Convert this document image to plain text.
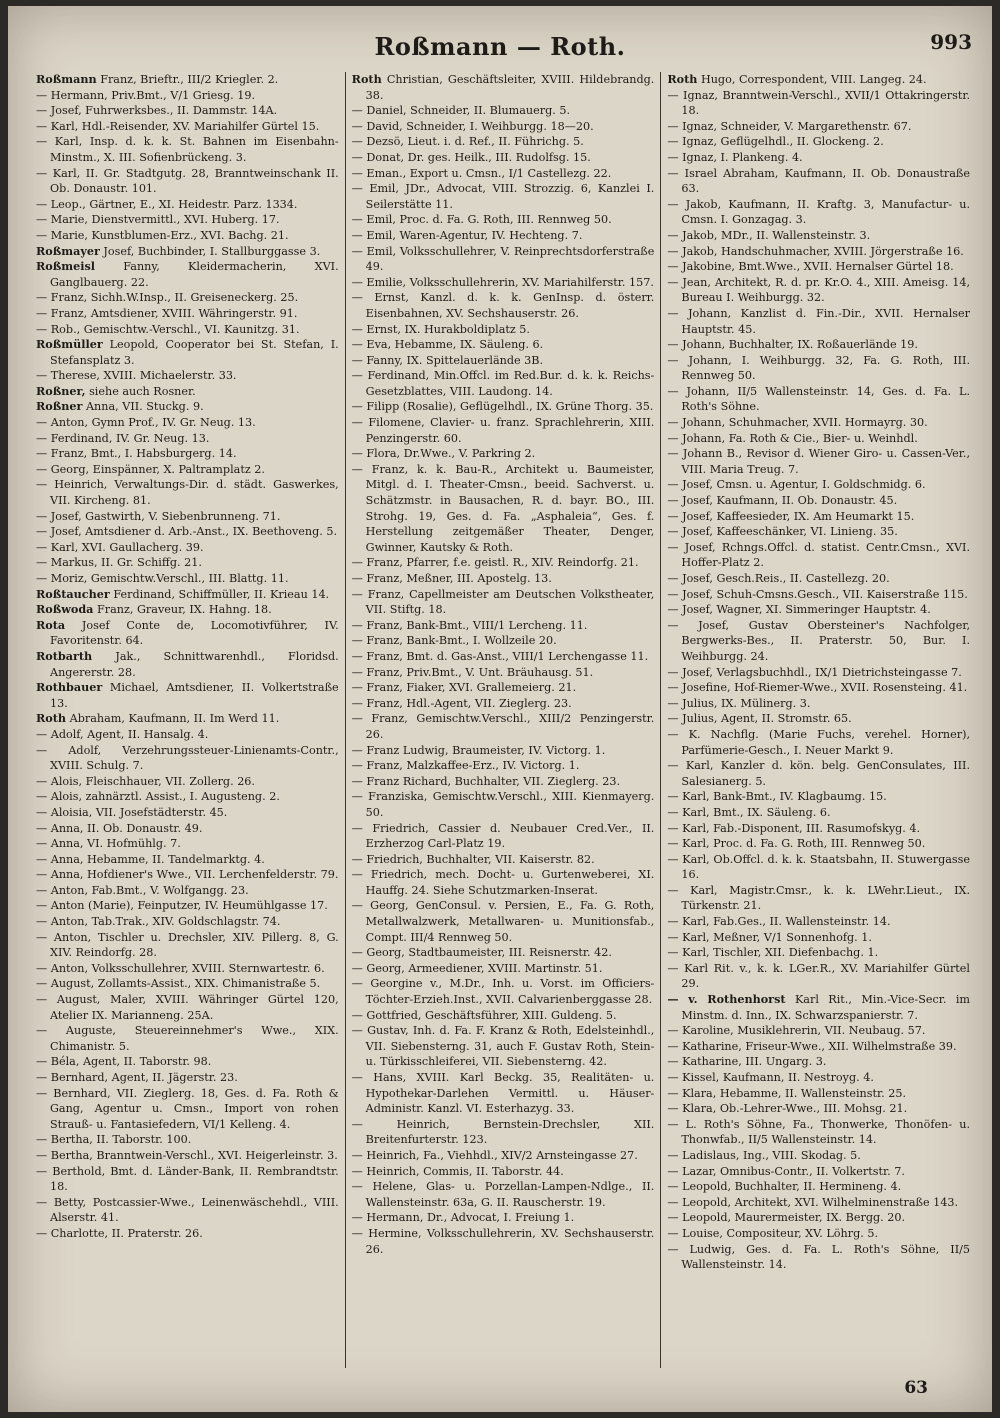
Roßmann — Roth.	993

Roßmann Franz, Brieftr., III/2 Kriegler. 2.

— Hermann, Priv.Bmt., V/1 Griesg. 19.

— Josef, Fuhrwerksbes., II. Dammstr. 14A.

— Karl, Hdl.-Reisender, XV. Mariahilfer Gürtel 15.

— Karl, Insp. d. k. k. St. Bahnen im Eisenbahn-Minstm., X. III. Sofienbrückeng. 3.

— Karl, II. Gr. Stadtgutg. 28, Branntweinschank II. Ob. Donaustr. 101.

— Leop., Gärtner, E., XI. Heidestr. Parz. 1334.

— Marie, Dienstvermittl., XVI. Huberg. 17.

— Marie, Kunstblumen-Erz., XVI. Bachg. 21.

Roßmayer Josef, Buchbinder, I. Stallburggasse 3.

Roßmeisl	Fanny, Kleidermacherin, XVI. Ganglbauerg. 22.

— Franz, Sichh.W.Insp., II. Greiseneckerg. 25.

— Franz, Amtsdiener, XVIII. Währingerstr. 91.

— Rob., Gemischtw.-Verschl., VI. Kaunitzg. 31.

Roßmüller Leopold, Cooperator bei St. Stefan, I. Stefansplatz 3.

— Therese, XVIII. Michaelerstr. 33.

Roßner, siehe auch Rosner.

Roßner Anna, VII. Stuckg. 9.

— Anton, Gymn Prof., IV. Gr. Neug. 13.

— Ferdinand, IV. Gr. Neug. 13.

— Franz, Bmt., I. Habsburgerg. 14.

— Georg, Einspänner, X. Paltramplatz 2.

— Heinrich, Verwaltungs-Dir. d. städt. Gaswerkes, VII. Kircheng. 81.

— Josef, Gastwirth, V. Siebenbrunneng. 71.

— Josef, Amtsdiener d. Arb.-Anst., IX. Beethoveng. 5.

— Karl, XVI. Gaullacherg. 39.

— Markus, II. Gr. Schiffg. 21.

— Moriz, Gemischtw.Verschl., III. Blattg. 11.

Roßtaucher Ferdinand, Schiffmüller, II. Krieau 14.

Roßwoda Franz, Graveur, IX. Hahng. 18.

Rota Josef Conte de, Locomotivführer, IV. Favoritenstr. 64.

Rotbarth Jak., Schnittwarenhdl., Floridsd. Angererstr. 28.

Rothbauer Michael, Amtsdiener, II. Volkertstraße 13.

Roth Abraham, Kaufmann, II. Im Werd 11.

— Adolf, Agent, II. Hansalg. 4.

— Adolf, Verzehrungssteuer-Linienamts-Contr., XVIII. Schulg. 7.

— Alois, Fleischhauer, VII. Zollerg. 26.

— Alois, zahnärztl. Assist., I. Augusteng. 2.

— Aloisia, VII. Josefstädterstr. 45.

— Anna, II. Ob. Donaustr. 49.

— Anna, VI. Hofmühlg. 7.

— Anna, Hebamme, II. Tandelmarktg. 4.

— Anna, Hofdiener's Wwe., VII. Lerchenfelderstr. 79.

— Anton, Fab.Bmt., V. Wolfgangg. 23.

— Anton (Marie), Feinputzer, IV. Heumühlgasse 17.

— Anton, Tab.Trak., XIV. Goldschlagstr. 74.

— Anton, Tischler u. Drechsler, XIV. Pillerg. 8, G. XIV. Reindorfg. 28.

— Anton, Volksschullehrer, XVIII. Sternwartestr. 6.

— August, Zollamts-Assist., XIX. Chimanistraße 5.

— August, Maler, XVIII. Währinger Gürtel 120, Atelier IX. Marianneng. 25A.

— Auguste, Steuereinnehmer's Wwe., XIX. Chimanistr. 5.

— Béla, Agent, II. Taborstr. 98.

— Bernhard, Agent, II. Jägerstr. 23.

— Bernhard, VII. Zieglerg. 18, Ges. d. Fa. Roth & Gang, Agentur u. Cmsn., Import von rohen Strauß- u. Fantasiefedern, VI/1 Kelleng. 4.

— Bertha, II. Taborstr. 100.

— Bertha, Branntwein-Verschl., XVI. Heigerleinstr. 3.

— Berthold, Bmt. d. Länder-Bank, II. Rembrandtstr. 18.

— Betty, Postcassier-Wwe., Leinenwäschehdl., VIII. Alserstr. 41.

— Charlotte, II. Praterstr. 26.

Roth Christian, Geschäftsleiter, XVIII. Hildebrandg. 38.

— Daniel, Schneider, II. Blumauerg. 5.

— David, Schneider, I. Weihburgg. 18—20.

— Dezsö, Lieut. i. d. Ref., II. Führichg. 5.

— Donat, Dr. ges. Heilk., III. Rudolfsg. 15.

— Eman., Export u. Cmsn., I/1 Castellezg. 22.

— Emil, JDr., Advocat, VIII. Strozzig. 6, Kanzlei I. Seilerstätte 11.

— Emil, Proc. d. Fa. G. Roth, III. Rennweg 50.

— Emil, Waren-Agentur, IV. Hechteng. 7.

— Emil, Volksschullehrer, V. Reinprechtsdorferstraße 49.

— Emilie, Volksschullehrerin, XV. Mariahilferstr. 157.

— Ernst, Kanzl. d. k. k. GenInsp. d. österr. Eisenbahnen, XV. Sechshauserstr. 26.

— Ernst, IX. Hurakboldiplatz 5.

— Eva, Hebamme, IX. Säuleng. 6.

— Fanny, IX. Spittelauerlände 3B.

— Ferdinand, Min.Offcl. im Red.Bur. d. k. k. Reichs-Gesetzblattes, VIII. Laudong. 14.

— Filipp (Rosalie), Geflügelhdl., IX. Grüne Thorg. 35.

— Filomene, Clavier- u. franz. Sprachlehrerin, XIII. Penzingerstr. 60.

— Flora, Dr.Wwe., V. Parkring 2.

— Franz, k. k. Bau-R., Architekt u. Baumeister, Mitgl. d. I. Theater-Cmsn., beeid. Sachverst. u. Schätzmstr. in Bausachen, R. d. bayr. BO., III. Strohg. 19, Ges. d. Fa. „Asphaleia“, Ges. f. Herstellung zeitgemäßer Theater, Denger, Gwinner, Kautsky & Roth.

— Franz, Pfarrer, f.e. geistl. R., XIV. Reindorfg. 21.

— Franz, Meßner, III. Apostelg. 13.

— Franz, Capellmeister am Deutschen Volkstheater, VII. Stiftg. 18.

— Franz, Bank-Bmt., VIII/1 Lercheng. 11.

— Franz, Bank-Bmt., I. Wollzeile 20.

— Franz, Bmt. d. Gas-Anst., VIII/1 Lerchengasse 11.

— Franz, Priv.Bmt., V. Unt. Bräuhausg. 51.

— Franz, Fiaker, XVI. Grallemeierg. 21.

— Franz, Hdl.-Agent, VII. Zieglerg. 23.

— Franz, Gemischtw.Verschl., XIII/2 Penzingerstr. 26.

— Franz Ludwig, Braumeister, IV. Victorg. 1.

— Franz, Malzkaffee-Erz., IV. Victorg. 1.

— Franz Richard, Buchhalter, VII. Zieglerg. 23.

— Franziska, Gemischtw.Verschl., XIII. Kienmayerg. 50.

— Friedrich, Cassier d. Neubauer Cred.Ver., II. Erzherzog Carl-Platz 19.

— Friedrich, Buchhalter, VII. Kaiserstr. 82.

— Friedrich, mech. Docht- u. Gurtenweberei, XI. Hauffg. 24. Siehe Schutzmarken-Inserat.

— Georg, GenConsul. v. Persien, E., Fa. G. Roth, Metallwalzwerk, Metallwaren- u. Munitionsfab., Compt. III/4 Rennweg 50.

— Georg, Stadtbaumeister, III. Reisnerstr. 42.

— Georg, Armeediener, XVIII. Martinstr. 51.

— Georgine v., M.Dr., Inh. u. Vorst. im Officiers-Töchter-Erzieh.Inst., XVII. Calvarienberggasse 28.

— Gottfried, Geschäftsführer, XIII. Guldeng. 5.

— Gustav, Inh. d. Fa. F. Kranz & Roth, Edelsteinhdl., VII. Siebensterng. 31, auch F. Gustav Roth, Stein- u. Türkisschleiferei, VII. Siebensterng. 42.

— Hans, XVIII. Karl Beckg. 35, Realitäten- u. Hypothekar-Darlehen Vermittl. u. Häuser-Administr. Kanzl. VI. Esterhazyg. 33.

— Heinrich, Bernstein-Drechsler, XII. Breitenfurterstr. 123.

— Heinrich, Fa., Viehhdl., XIV/2 Arnsteingasse 27.

— Heinrich, Commis, II. Taborstr. 44.

— Helene, Glas- u. Porzellan-Lampen-Ndlge., II. Wallensteinstr. 63a, G. II. Rauscherstr. 19.

— Hermann, Dr., Advocat, I. Freiung 1.

— Hermine, Volksschullehrerin, XV. Sechshauserstr. 26.

Roth Hugo, Correspondent, VIII. Langeg. 24.

— Ignaz, Branntwein-Verschl., XVII/1 Ottakringerstr. 18.

— Ignaz, Schneider, V. Margarethenstr. 67.

— Ignaz, Geflügelhdl., II. Glockeng. 2.

— Ignaz, I. Plankeng. 4.

— Israel Abraham, Kaufmann, II. Ob. Donaustraße 63.

— Jakob, Kaufmann, II. Kraftg. 3, Manufactur- u. Cmsn. I. Gonzagag. 3.

— Jakob, MDr., II. Wallensteinstr. 3.

— Jakob, Handschuhmacher, XVIII. Jörgerstraße 16.

— Jakobine, Bmt.Wwe., XVII. Hernalser Gürtel 18.

— Jean, Architekt, R. d. pr. Kr.O. 4., XIII. Ameisg. 14, Bureau I. Weihburgg. 32.

— Johann, Kanzlist d. Fin.-Dir., XVII. Hernalser Hauptstr. 45.

— Johann, Buchhalter, IX. Roßauerlände 19.

— Johann, I. Weihburgg. 32, Fa. G. Roth, III. Rennweg 50.

— Johann, II/5 Wallensteinstr. 14, Ges. d. Fa. L. Roth's Söhne.

— Johann, Schuhmacher, XVII. Hormayrg. 30.

— Johann, Fa. Roth & Cie., Bier- u. Weinhdl.

— Johann B., Revisor d. Wiener Giro- u. Cassen-Ver., VIII. Maria Treug. 7.

— Josef, Cmsn. u. Agentur, I. Goldschmidg. 6.

— Josef, Kaufmann, II. Ob. Donaustr. 45.

— Josef, Kaffeesieder, IX. Am Heumarkt 15.

— Josef, Kaffeeschänker, VI. Linieng. 35.

— Josef, Rchngs.Offcl. d. statist. Centr.Cmsn., XVI. Hoffer-Platz 2.

— Josef, Gesch.Reis., II. Castellezg. 20.

— Josef, Schuh-Cmsns.Gesch., VII. Kaiserstraße 115.

— Josef, Wagner, XI. Simmeringer Hauptstr. 4.

— Josef, Gustav Obersteiner's Nachfolger, Bergwerks-Bes., II. Praterstr. 50, Bur. I. Weihburgg. 24.

— Josef, Verlagsbuchhdl., IX/1 Dietrichsteingasse 7.

— Josefine, Hof-Riemer-Wwe., XVII. Rosensteing. 41.

— Julius, IX. Mülinerg. 3.

— Julius, Agent, II. Stromstr. 65.

— K. Nachflg. (Marie Fuchs, verehel. Horner), Parfümerie-Gesch., I. Neuer Markt 9.

— Karl, Kanzler d. kön. belg. GenConsulates, III. Salesianerg. 5.

— Karl, Bank-Bmt., IV. Klagbaumg. 15.

— Karl, Bmt., IX. Säuleng. 6.

— Karl, Fab.-Disponent, III. Rasumofskyg. 4.

— Karl, Proc. d. Fa. G. Roth, III. Rennweg 50.

— Karl, Ob.Offcl. d. k. k. Staatsbahn, II. Stuwergasse 16.

— Karl, Magistr.Cmsr., k. k. LWehr.Lieut., IX. Türkenstr. 21.

— Karl, Fab.Ges., II. Wallensteinstr. 14.

— Karl, Meßner, V/1 Sonnenhofg. 1.

— Karl, Tischler, XII. Diefenbachg. 1.

— Karl Rit. v., k. k. LGer.R., XV. Mariahilfer Gürtel 29.

— v. Rothenhorst Karl Rit., Min.-Vice-Secr. im Minstm. d. Inn., IX. Schwarzspanierstr. 7.

— Karoline, Musiklehrerin, VII. Neubaug. 57.

— Katharine, Friseur-Wwe., XII. Wilhelmstraße 39.

— Katharine, III. Ungarg. 3.

— Kissel, Kaufmann, II. Nestroyg. 4.

— Klara, Hebamme, II. Wallensteinstr. 25.

— Klara, Ob.-Lehrer-Wwe., III. Mohsg. 21.

— L. Roth's Söhne, Fa., Thonwerke, Thonöfen- u. Thonwfab., II/5 Wallensteinstr. 14.

— Ladislaus, Ing., VIII. Skodag. 5.

— Lazar, Omnibus-Contr., II. Volkertstr. 7.

— Leopold, Buchhalter, II. Hermineng. 4.

— Leopold, Architekt, XVI. Wilhelminenstraße 143.

— Leopold, Maurermeister, IX. Bergg. 20.

— Louise, Compositeur, XV. Löhrg. 5.

— Ludwig, Ges. d. Fa. L. Roth's Söhne, II/5 Wallensteinstr. 14.

63
